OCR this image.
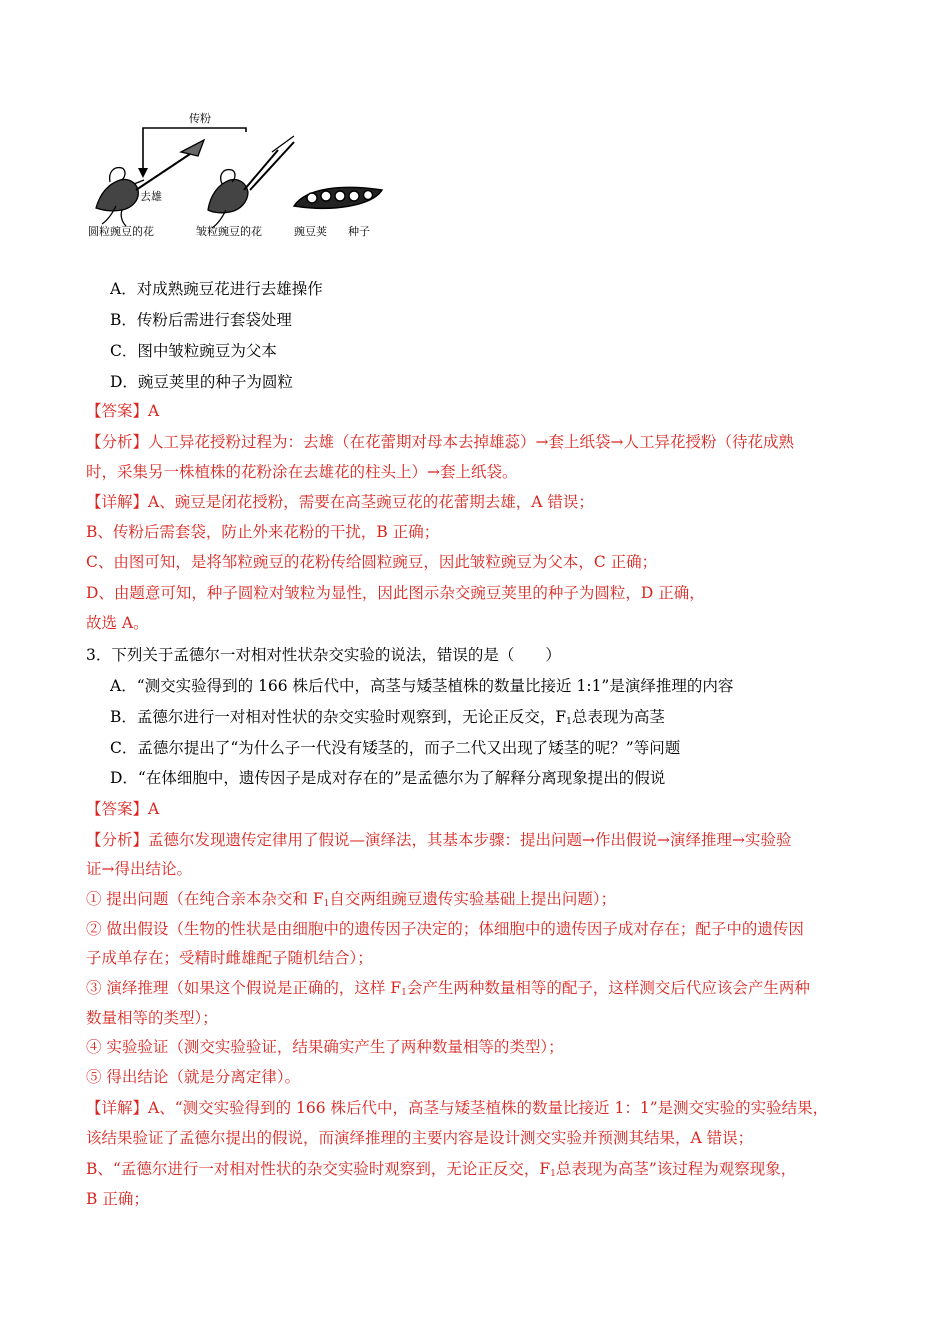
传粉
去雄
圆粒豌豆的花	皱粒豌豆的花	豌豆荚 种子
A．对成熟豌豆花进行去雄操作
B．传粉后需进行套袋处理
C．图中皱粒豌豆为父本
D．豌豆荚里的种子为圆粒
【答案】A
【分析】人工异花授粉过程为：去雄（在花蕾期对母本去掉雄蕊）→套上纸袋→人工异花授粉（待花成熟
时，采集另一株植株的花粉涂在去雄花的柱头上）→套上纸袋。
【详解】A、豌豆是闭花授粉，需要在高茎豌豆花的花蕾期去雄，A 错误；
B、传粉后需套袋，防止外来花粉的干扰，B 正确；
C、由图可知，是将邹粒豌豆的花粉传给圆粒豌豆，因此皱粒豌豆为父本，C 正确；
D、由题意可知，种子圆粒对皱粒为显性，因此图示杂交豌豆荚里的种子为圆粒，D 正确，
故选 A。
3．下列关于孟德尔一对相对性状杂交实验的说法，错误的是（　　）
A．“测交实验得到的 166 株后代中，高茎与矮茎植株的数量比接近 1:1”是演绎推理的内容
B．孟德尔进行一对相对性状的杂交实验时观察到，无论正反交，$F_1$总表现为高茎
C．孟德尔提出了“为什么子一代没有矮茎的，而子二代又出现了矮茎的呢？”等问题
D．“在体细胞中，遗传因子是成对存在的”是孟德尔为了解释分离现象提出的假说
【答案】A
【分析】孟德尔发现遗传定律用了假说—演绎法，其基本步骤：提出问题→作出假说→演绎推理→实验验
证→得出结论。
① 提出问题（在纯合亲本杂交和 $F_1$自交两组豌豆遗传实验基础上提出问题）；
② 做出假设（生物的性状是由细胞中的遗传因子决定的；体细胞中的遗传因子成对存在；配子中的遗传因
子成单存在；受精时雌雄配子随机结合）；
③ 演绎推理（如果这个假说是正确的，这样 $F_1$会产生两种数量相等的配子，这样测交后代应该会产生两种
数量相等的类型）；
④ 实验验证（测交实验验证，结果确实产生了两种数量相等的类型）；
⑤ 得出结论（就是分离定律）。
【详解】A、“测交实验得到的 166 株后代中，高茎与矮茎植株的数量比接近 1：1”是测交实验的实验结果，
该结果验证了孟德尔提出的假说，而演绎推理的主要内容是设计测交实验并预测其结果，A 错误；
B、“孟德尔进行一对相对性状的杂交实验时观察到，无论正反交，$F_1$总表现为高茎”该过程为观察现象，
B 正确；
